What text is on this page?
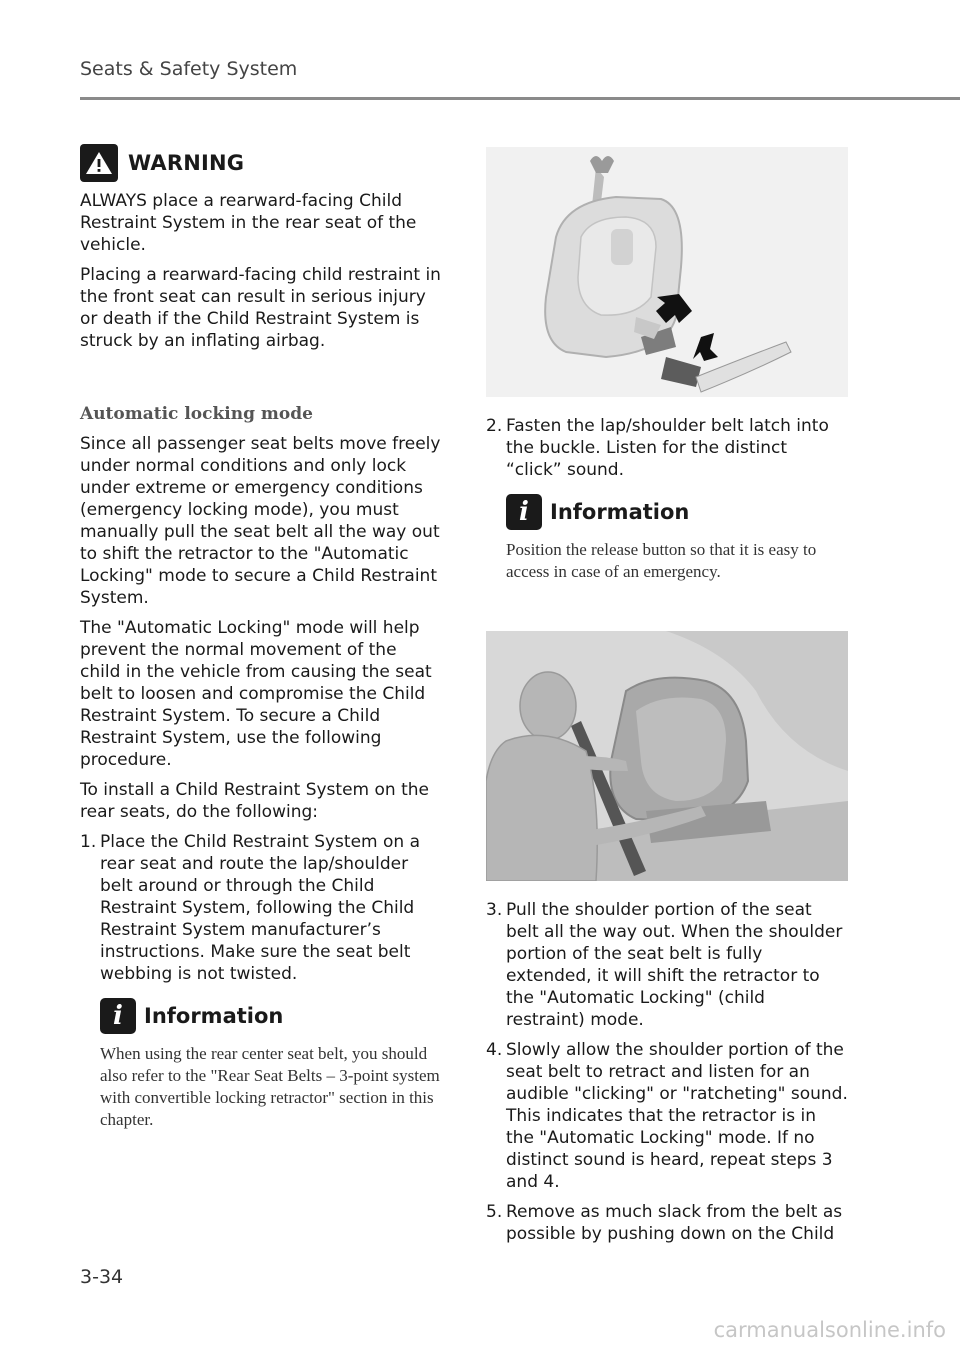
Seats & Safety System
WARNING

ALWAYS place a rearward-facing Child Restraint System in the rear seat of the vehicle.

Placing a rearward-facing child restraint in the front seat can result in serious injury or death if the Child Restraint System is struck by an inflating airbag.

Automatic locking mode

Since all passenger seat belts move freely under normal conditions and only lock under extreme or emergency conditions (emergency locking mode), you must manually pull the seat belt all the way out to shift the retractor to the "Automatic Locking" mode to secure a Child Restraint System.

The "Automatic Locking" mode will help prevent the normal movement of the child in the vehicle from causing the seat belt to loosen and compromise the Child Restraint System. To secure a Child Restraint System, use the following procedure.

To install a Child Restraint System on the rear seats, do the following:

1. Place the Child Restraint System on a rear seat and route the lap/shoulder belt around or through the Child Restraint System, following the Child Restraint System manufacturer’s instructions. Make sure the seat belt webbing is not twisted.
i Information
When using the rear center seat belt, you should also refer to the "Rear Seat Belts – 3-point system with convertible locking retractor" section in this chapter.
2. Fasten the lap/shoulder belt latch into the buckle. Listen for the distinct “click” sound.
i Information
Position the release button so that it is easy to access in case of an emergency.
3. Pull the shoulder portion of the seat belt all the way out. When the shoulder portion of the seat belt is fully extended, it will shift the retractor to the "Automatic Locking" (child restraint) mode.
4. Slowly allow the shoulder portion of the seat belt to retract and listen for an audible "clicking" or "ratcheting" sound. This indicates that the retractor is in the "Automatic Locking" mode. If no distinct sound is heard, repeat steps 3 and 4.
5. Remove as much slack from the belt as possible by pushing down on the Child
3-34
carmanualsonline.info
